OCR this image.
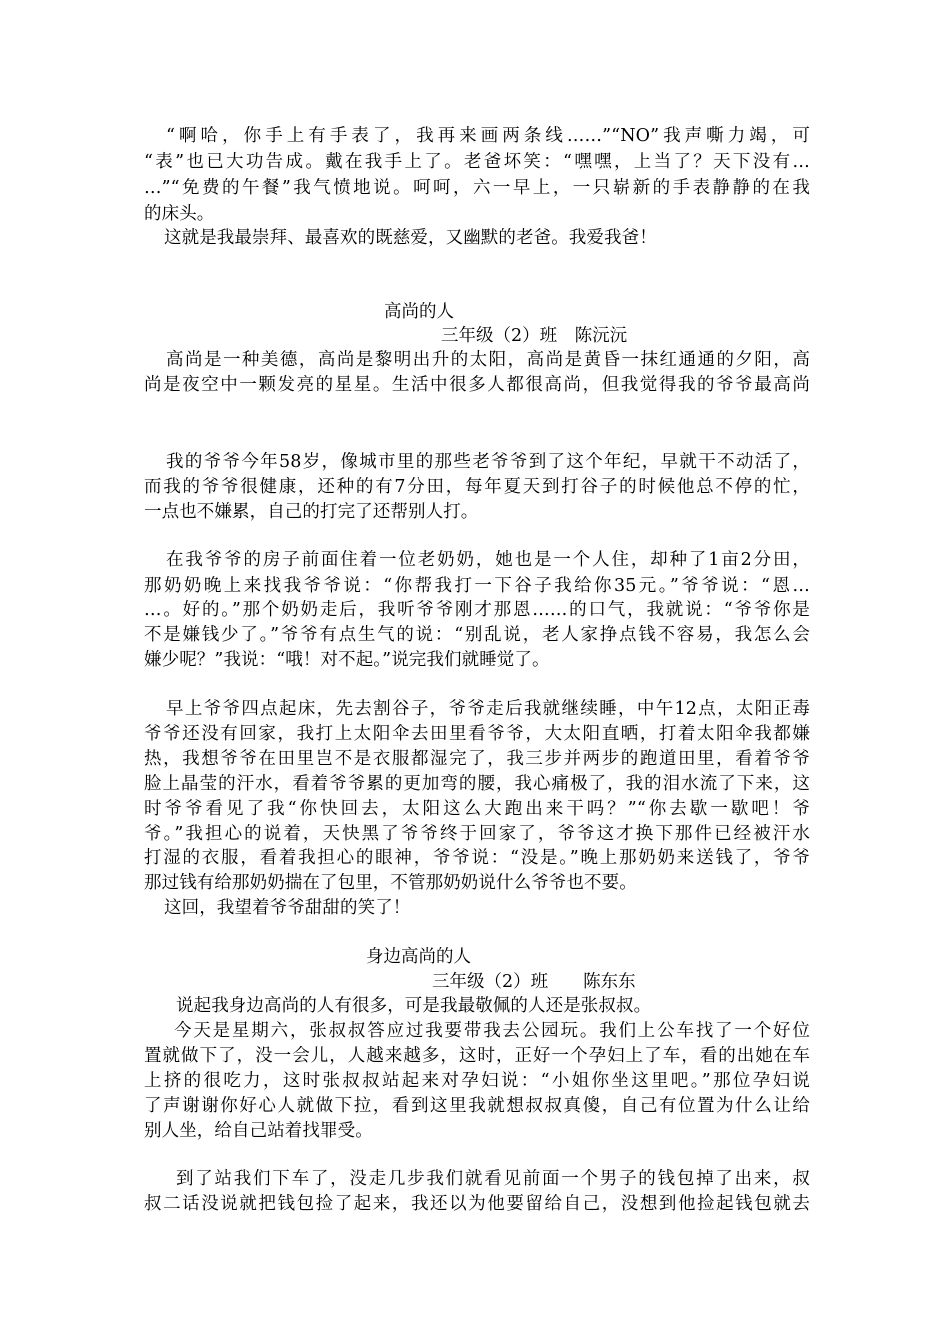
“啊哈，你手上有手表了，我再来画两条线……”“NO”我声嘶力竭，可
“表”也已大功告成。戴在我手上了。老爸坏笑：“嘿嘿，上当了？天下没有…
…”“免费的午餐”我气愤地说。呵呵，六一早上，一只崭新的手表静静的在我
的床头。
这就是我最崇拜、最喜欢的既慈爱，又幽默的老爸。我爱我爸！
高尚的人
三年级（2）班　陈沅沅
高尚是一种美德，高尚是黎明出升的太阳，高尚是黄昏一抹红通通的夕阳，高
尚是夜空中一颗发亮的星星。生活中很多人都很高尚，但我觉得我的爷爷最高尚
我的爷爷今年58岁，像城市里的那些老爷爷到了这个年纪，早就干不动活了，
而我的爷爷很健康，还种的有7分田，每年夏天到打谷子的时候他总不停的忙，
一点也不嫌累，自己的打完了还帮别人打。
在我爷爷的房子前面住着一位老奶奶，她也是一个人住，却种了1亩2分田，
那奶奶晚上来找我爷爷说：“你帮我打一下谷子我给你35元。”爷爷说：“恩…
…。好的。”那个奶奶走后，我听爷爷刚才那恩……的口气，我就说：“爷爷你是
不是嫌钱少了。”爷爷有点生气的说：“别乱说，老人家挣点钱不容易，我怎么会
嫌少呢？”我说：“哦！对不起。”说完我们就睡觉了。
早上爷爷四点起床，先去割谷子，爷爷走后我就继续睡，中午12点，太阳正毒
爷爷还没有回家，我打上太阳伞去田里看爷爷，大太阳直晒，打着太阳伞我都嫌
热，我想爷爷在田里岂不是衣服都湿完了，我三步并两步的跑道田里，看着爷爷
脸上晶莹的汗水，看着爷爷累的更加弯的腰，我心痛极了，我的泪水流了下来，这
时爷爷看见了我“你快回去，太阳这么大跑出来干吗？”“你去歇一歇吧！爷
爷。”我担心的说着，天快黑了爷爷终于回家了，爷爷这才换下那件已经被汗水
打湿的衣服，看着我担心的眼神，爷爷说：“没是。”晚上那奶奶来送钱了，爷爷
那过钱有给那奶奶揣在了包里，不管那奶奶说什么爷爷也不要。
这回，我望着爷爷甜甜的笑了！
身边高尚的人
三年级（2）班　　陈东东
说起我身边高尚的人有很多，可是我最敬佩的人还是张叔叔。
今天是星期六，张叔叔答应过我要带我去公园玩。我们上公车找了一个好位
置就做下了，没一会儿，人越来越多，这时，正好一个孕妇上了车，看的出她在车
上挤的很吃力，这时张叔叔站起来对孕妇说：“小姐你坐这里吧。”那位孕妇说
了声谢谢你好心人就做下拉，看到这里我就想叔叔真傻，自己有位置为什么让给
别人坐，给自己站着找罪受。
到了站我们下车了，没走几步我们就看见前面一个男子的钱包掉了出来，叔
叔二话没说就把钱包捡了起来，我还以为他要留给自己，没想到他捡起钱包就去
